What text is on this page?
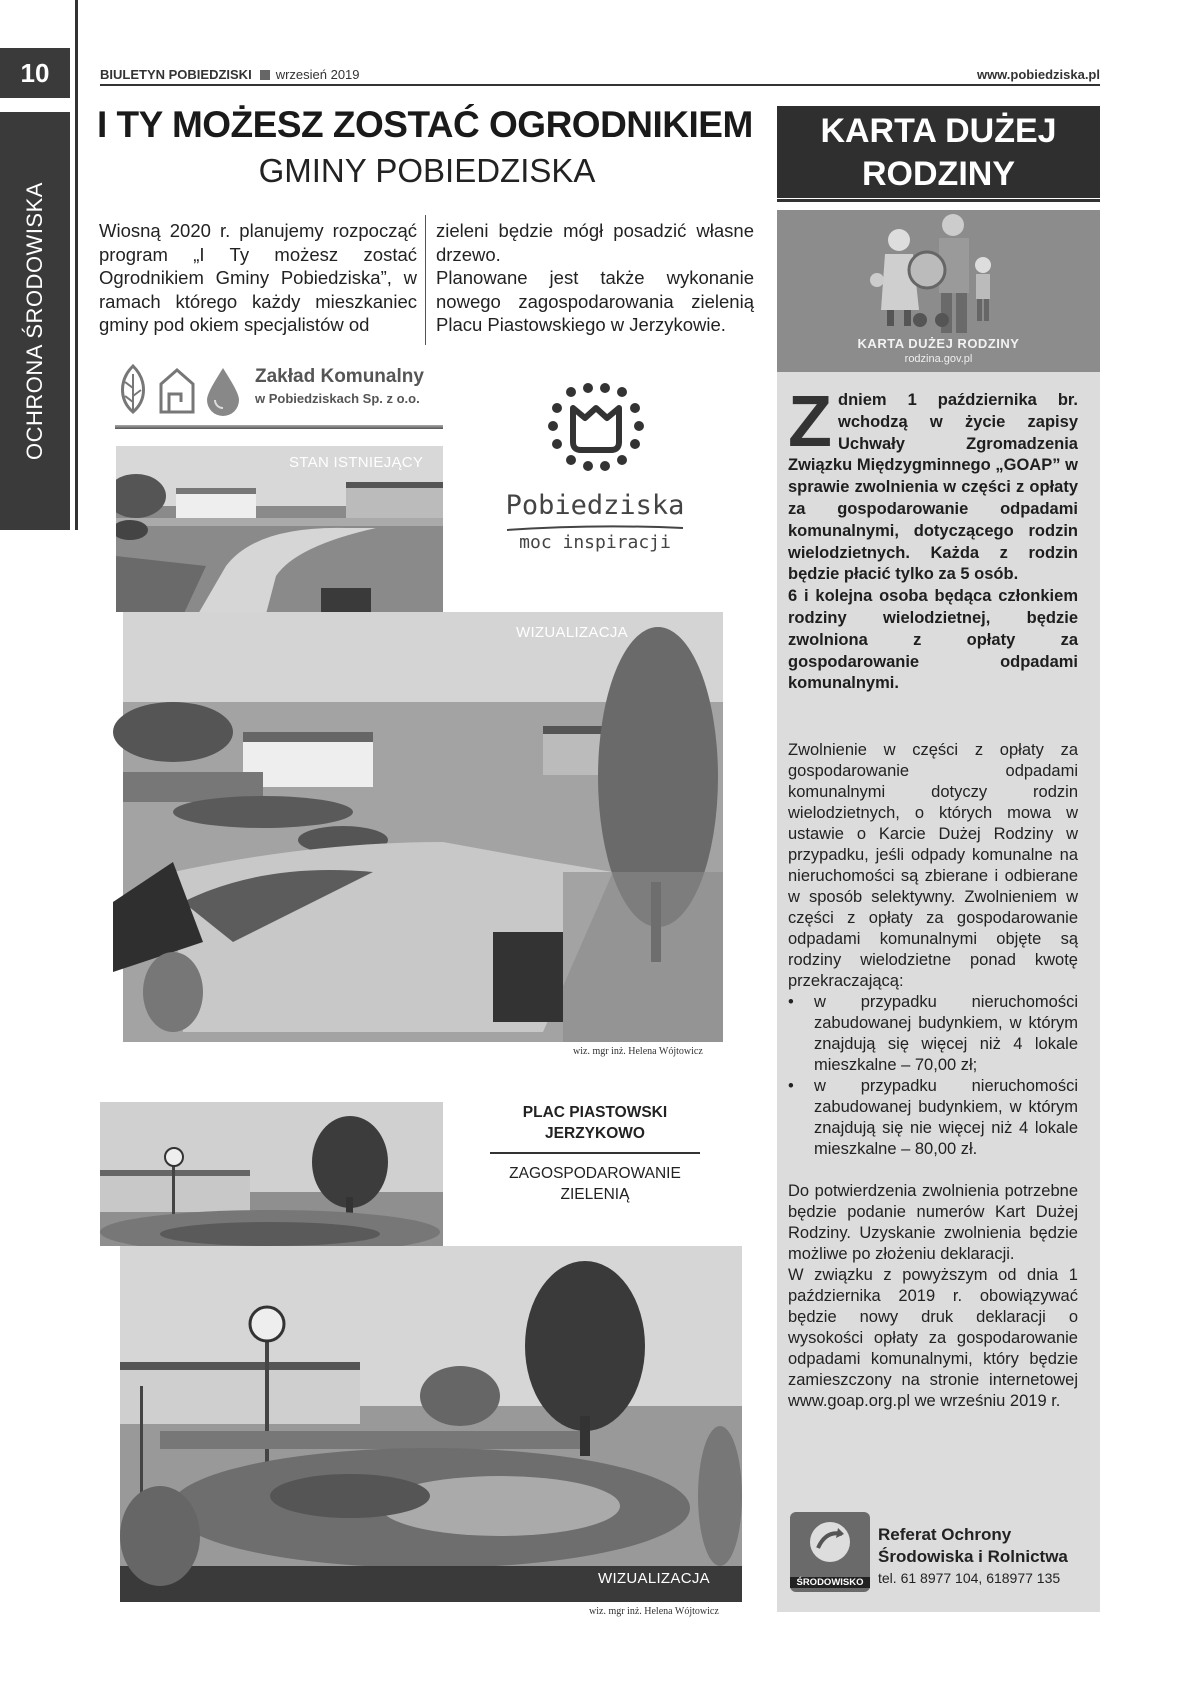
10	BIULETYN POBIEDZISKI wrzesień 2019	www.pobiedziska.pl
OCHRONA ŚRODOWISKA
I TY MOŻESZ ZOSTAĆ OGRODNIKIEM
GMINY POBIEDZISKA
Wiosną 2020 r. planujemy rozpocząć program „I Ty możesz zostać Ogrodnikiem Gminy Pobiedziska”, w ramach którego każdy mieszkaniec gminy pod okiem specjalistów od
zieleni będzie mógł posadzić własne drzewo.
Planowane jest także wykonanie nowego zagospodarowania zielenią Placu Piastowskiego w Jerzykowie.
Zakład Komunalny
w Pobiedziskach Sp. z o.o.
Pobiedziska
moc inspiracji
STAN ISTNIEJĄCY
WIZUALIZACJA
wiz. mgr inż. Helena Wójtowicz
PLAC PIASTOWSKI
JERZYKOWO
ZAGOSPODAROWANIE
ZIELENIĄ
WIZUALIZACJA
wiz. mgr inż. Helena Wójtowicz
KARTA DUŻEJ
RODZINY
KARTA DUŻEJ RODZINY
rodzina.gov.pl
Zdniem 1 października br. wchodzą w życie zapisy Uchwały Zgromadzenia Związku Międzygminnego „GOAP” w sprawie zwolnienia w części z opłaty za gospodarowanie odpadami komunalnymi, dotyczącego rodzin wielodzietnych. Każda z rodzin będzie płacić tylko za 5 osób.
6 i kolejna osoba będąca członkiem rodziny wielodzietnej, będzie zwolniona z opłaty za gospodarowanie odpadami komunalnymi.
Zwolnienie w części z opłaty za gospodarowanie odpadami komunalnymi dotyczy rodzin wielodzietnych, o których mowa w ustawie o Karcie Dużej Rodziny w przypadku, jeśli odpady komunalne na nieruchomości są zbierane i odbierane w sposób selektywny. Zwolnieniem w części z opłaty za gospodarowanie odpadami komunalnymi objęte są rodziny wielodzietne ponad kwotę przekraczającą:
• w przypadku nieruchomości zabudowanej budynkiem, w którym znajdują się więcej niż 4 lokale mieszkalne – 70,00 zł;
• w przypadku nieruchomości zabudowanej budynkiem, w którym znajdują się nie więcej niż 4 lokale mieszkalne – 80,00 zł.
Do potwierdzenia zwolnienia potrzebne będzie podanie numerów Kart Dużej Rodziny. Uzyskanie zwolnienia będzie możliwe po złożeniu deklaracji.
W związku z powyższym od dnia 1 października 2019 r. obowiązywać będzie nowy druk deklaracji o wysokości opłaty za gospodarowanie odpadami komunalnymi, który będzie zamieszczony na stronie internetowej www.goap.org.pl we wrześniu 2019 r.
ŚRODOWISKO
Referat Ochrony
Środowiska i Rolnictwa
tel. 61 8977 104, 618977 135
